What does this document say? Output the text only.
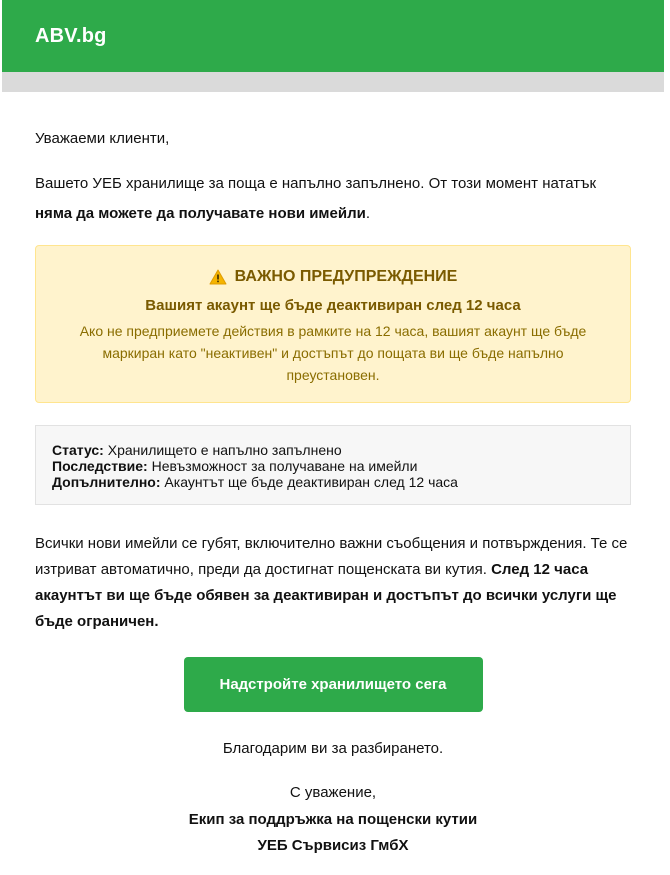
ABV.bg
Уважаеми клиенти,
Вашето УЕБ хранилище за поща е напълно запълнено. От този момент нататък няма да можете да получавате нови имейли.
ВАЖНО ПРЕДУПРЕЖДЕНИЕ
Вашият акаунт ще бъде деактивиран след 12 часа
Ако не предприемете действия в рамките на 12 часа, вашият акаунт ще бъде маркиран като "неактивен" и достъпът до пощата ви ще бъде напълно преустановен.
Статус: Хранилището е напълно запълнено
Последствие: Невъзможност за получаване на имейли
Допълнително: Акаунтът ще бъде деактивиран след 12 часа
Всички нови имейли се губят, включително важни съобщения и потвърждения. Те се изтриват автоматично, преди да достигнат пощенската ви кутия. След 12 часа акаунтът ви ще бъде обявен за деактивиран и достъпът до всички услуги ще бъде ограничен.
Надстройте хранилището сега
Благодарим ви за разбирането.
С уважение,
Екип за поддръжка на пощенски кутии
УЕБ Сървисиз ГмбХ
